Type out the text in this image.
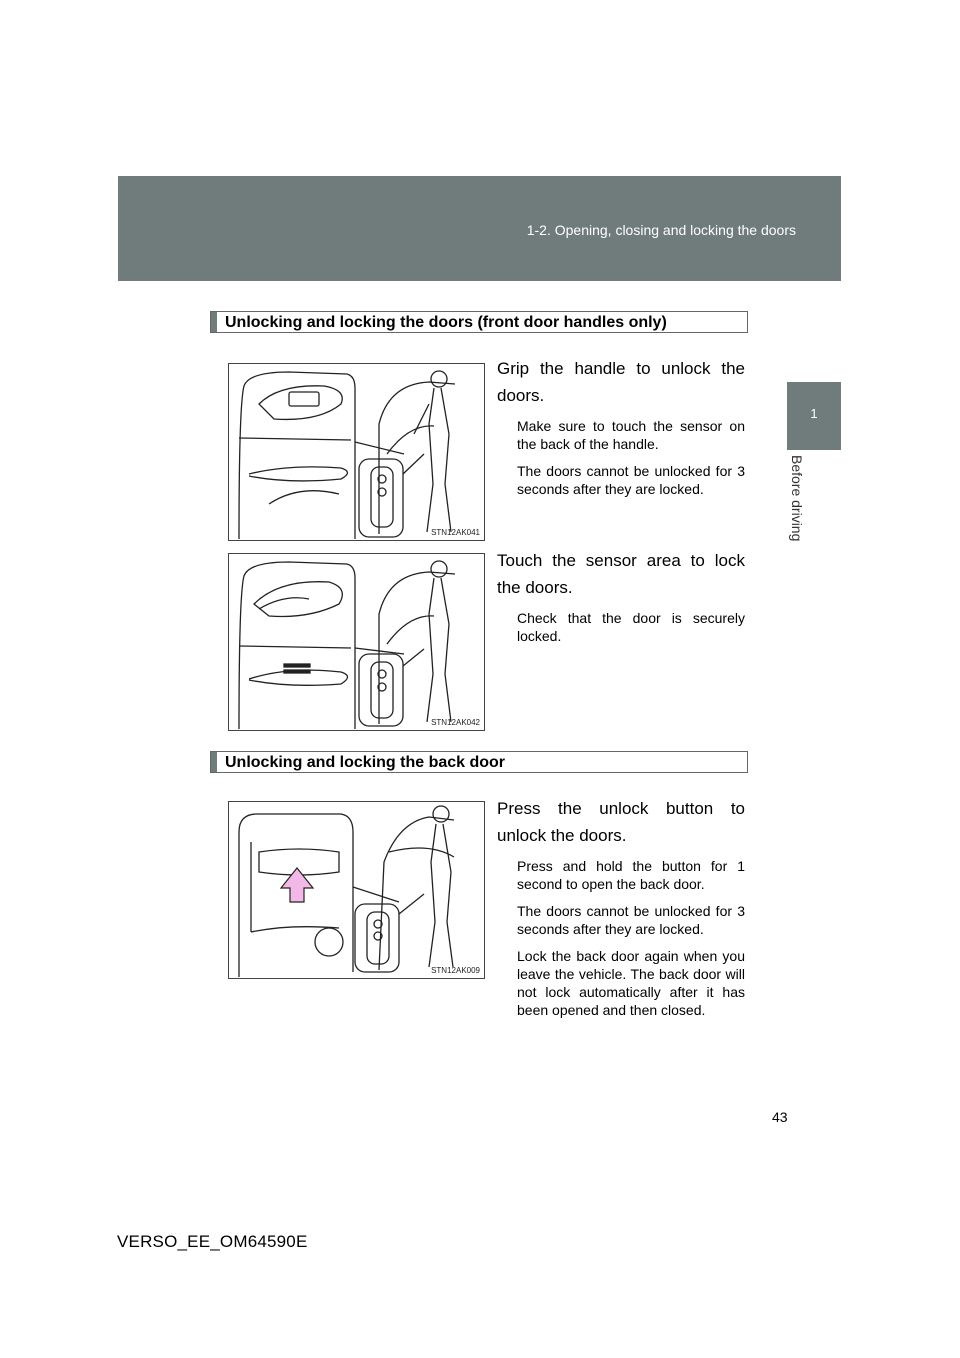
1-2. Opening, closing and locking the doors
1
Before driving
Unlocking and locking the doors (front door handles only)
STN12AK041

Grip the handle to unlock the doors.

Make sure to touch the sensor on the back of the handle.

The doors cannot be unlocked for 3 seconds after they are locked.

STN12AK042

Touch the sensor area to lock the doors.

Check that the door is securely locked.

Unlocking and locking the back door
STN12AK009

Press the unlock button to unlock the doors.

Press and hold the button for 1 second to open the back door.

The doors cannot be unlocked for 3 seconds after they are locked.

Lock the back door again when you leave the vehicle. The back door will not lock automatically after it has been opened and then closed.

43
VERSO_EE_OM64590E
